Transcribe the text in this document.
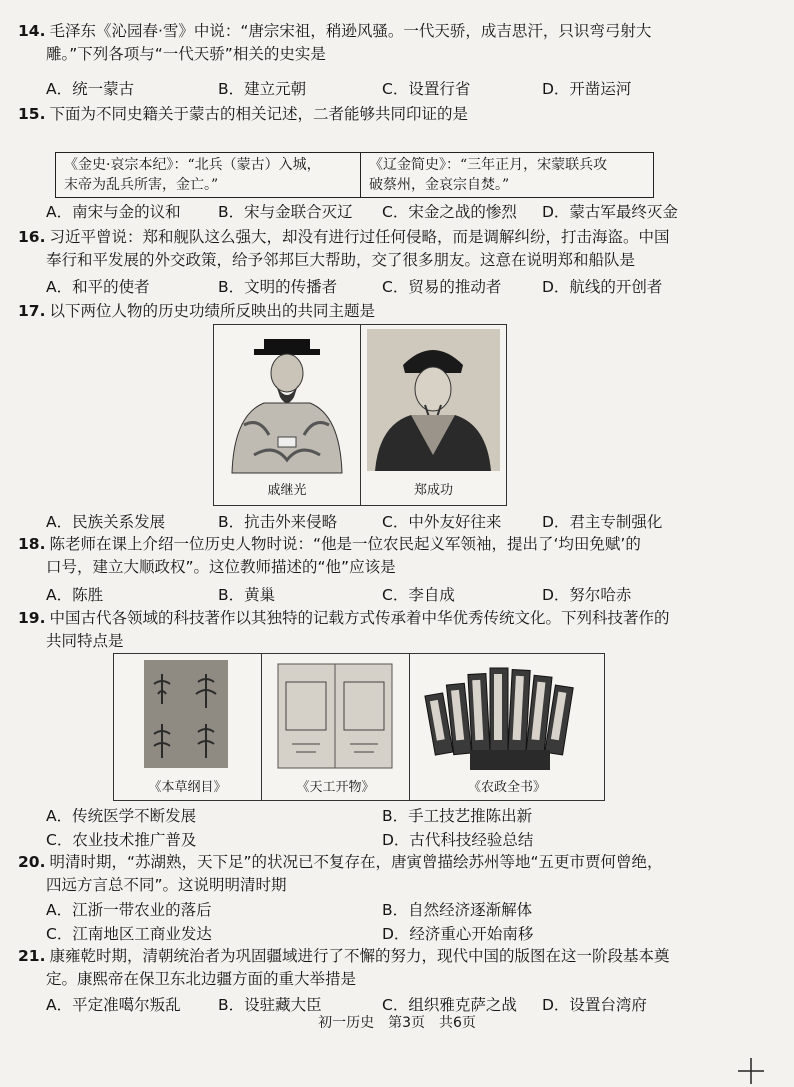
14. 毛泽东《沁园春·雪》中说：“唐宗宋祖，稍逊风骚。一代天骄，成吉思汗，只识弯弓射大
雕。”下列各项与“一代天骄”相关的史实是
A．统一蒙古	B．建立元朝	C．设置行省	D．开凿运河
15. 下面为不同史籍关于蒙古的相关记述，二者能够共同印证的是
《金史·哀宗本纪》：“北兵（蒙古）入城，
末帝为乱兵所害，金亡。”
《辽金简史》：“三年正月，宋蒙联兵攻
破蔡州，金哀宗自焚。”
A．南宋与金的议和 B．宋与金联合灭辽 C．宋金之战的惨烈 D．蒙古军最终灭金
16. 习近平曾说：郑和舰队这么强大，却没有进行过任何侵略，而是调解纠纷，打击海盗。中国
奉行和平发展的外交政策，给予邻邦巨大帮助，交了很多朋友。这意在说明郑和船队是
A．和平的使者	B．文明的传播者	C．贸易的推动者	D．航线的开创者
17. 以下两位人物的历史功绩所反映出的共同主题是
戚继光	郑成功
A．民族关系发展	B．抗击外来侵略	C．中外友好往来	D．君主专制强化
18. 陈老师在课上介绍一位历史人物时说：“他是一位农民起义军领袖，提出了‘均田免赋’的
口号，建立大顺政权”。这位教师描述的“他”应该是
A．陈胜	B．黄巢	C．李自成	D．努尔哈赤
19. 中国古代各领域的科技著作以其独特的记载方式传承着中华优秀传统文化。下列科技著作的
共同特点是
《本草纲目》	《天工开物》	《农政全书》
A．传统医学不断发展	B．手工技艺推陈出新
C．农业技术推广普及	D．古代科技经验总结
20. 明清时期，“苏湖熟，天下足”的状况已不复存在，唐寅曾描绘苏州等地“五更市贾何曾绝，
四远方言总不同”。这说明明清时期
A．江浙一带农业的落后	B．自然经济逐渐解体
C．江南地区工商业发达	D．经济重心开始南移
21. 康雍乾时期，清朝统治者为巩固疆域进行了不懈的努力，现代中国的版图在这一阶段基本奠
定。康熙帝在保卫东北边疆方面的重大举措是
A．平定准噶尔叛乱 B．设驻藏大臣	C．组织雅克萨之战 D．设置台湾府
初一历史　第3页　共6页
